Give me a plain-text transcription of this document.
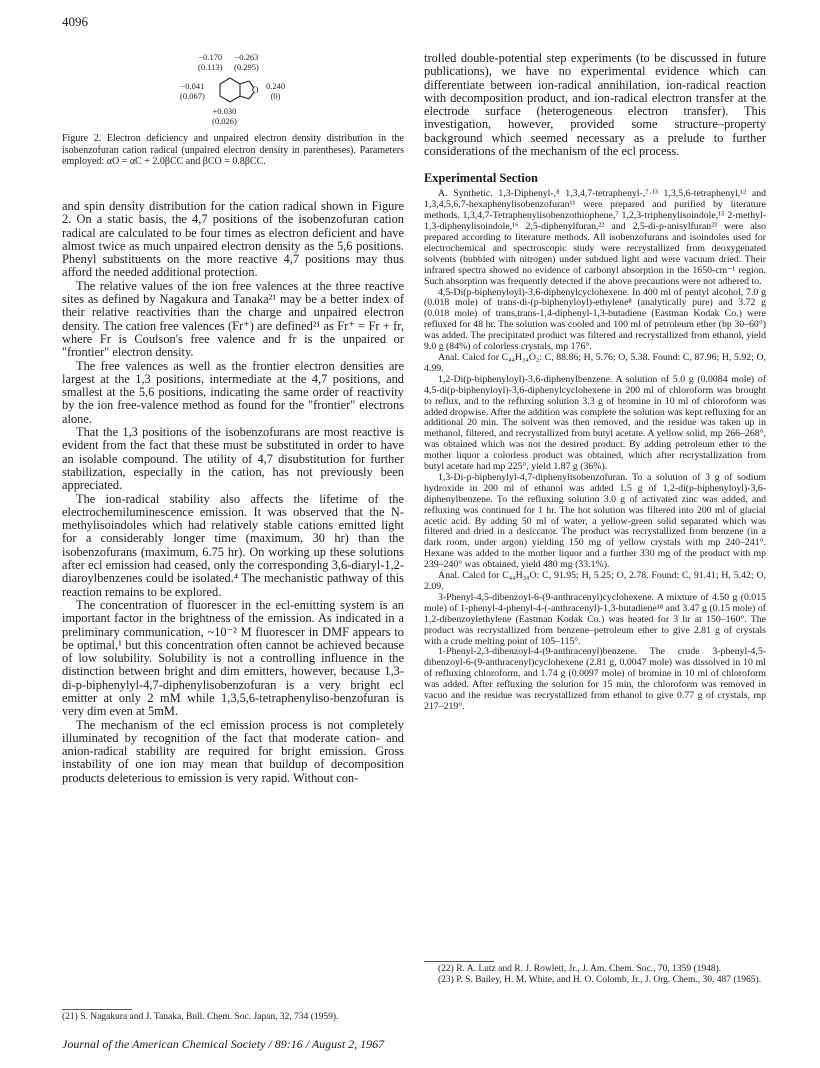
4096
O
−0.170
(0.113)
−0.263
(0.295)
−0.041
(0.067)
0.240
(0)
+0.030
(0.026)
Figure 2. Electron deficiency and unpaired electron density distribution in the isobenzofuran cation radical (unpaired electron density in parentheses). Parameters employed: αO = αC + 2.0βCC and βCO = 0.8βCC.

and spin density distribution for the cation radical shown in Figure 2. On a static basis, the 4,7 positions of the isobenzofuran cation radical are calculated to be four times as electron deficient and have almost twice as much unpaired electron density as the 5,6 positions. Phenyl substituents on the more reactive 4,7 positions may thus afford the needed additional protection.

The relative values of the ion free valences at the three reactive sites as defined by Nagakura and Tanaka²¹ may be a better index of their relative reactivities than the charge and unpaired electron density. The cation free valences (Fr⁺) are defined²¹ as Fr⁺ = Fr + fr, where Fr is Coulson's free valence and fr is the unpaired or "frontier" electron density.

The free valences as well as the frontier electron densities are largest at the 1,3 positions, intermediate at the 4,7 positions, and smallest at the 5,6 positions, indicating the same order of reactivity by the ion free-valence method as found for the "frontier" electrons alone.

That the 1,3 positions of the isobenzofurans are most reactive is evident from the fact that these must be substituted in order to have an isolable compound. The utility of 4,7 disubstitution for further stabilization, especially in the cation, has not previously been appreciated.

The ion-radical stability also affects the lifetime of the electrochemiluminescence emission. It was observed that the N-methylisoindoles which had relatively stable cations emitted light for a considerably longer time (maximum, 30 hr) than the isobenzofurans (maximum, 6.75 hr). On working up these solutions after ecl emission had ceased, only the corresponding 3,6-diaryl-1,2-diaroylbenzenes could be isolated.⁴ The mechanistic pathway of this reaction remains to be explored.

The concentration of fluorescer in the ecl-emitting system is an important factor in the brightness of the emission. As indicated in a preliminary communication, ~10⁻² M fluorescer in DMF appears to be optimal,¹ but this concentration often cannot be achieved because of low solubility. Solubility is not a controlling influence in the distinction between bright and dim emitters, however, because 1,3-di-p-biphenylyl-4,7-diphenylisobenzofuran is a very bright ecl emitter at only 2 mM while 1,3,5,6-tetraphenyliso-benzofuran is very dim even at 5mM.

The mechanism of the ecl emission process is not completely illuminated by recognition of the fact that moderate cation- and anion-radical stability are required for bright emission. Gross instability of one ion may mean that buildup of decomposition products deleterious to emission is very rapid. Without con-

(21) S. Nagakura and J. Tanaka, Bull. Chem. Soc. Japan, 32, 734 (1959).

trolled double-potential step experiments (to be discussed in future publications), we have no experimental evidence which can differentiate between ion-radical annihilation, ion-radical reaction with decomposition product, and ion-radical electron transfer at the electrode surface (heterogeneous electron transfer). This investigation, however, provided some structure–property background which seemed necessary as a prelude to further considerations of the mechanism of the ecl process.

Experimental Section

A. Synthetic. 1,3-Diphenyl-,⁸ 1,3,4,7-tetraphenyl-,⁷·¹³ 1,3,5,6-tetraphenyl,¹² and 1,3,4,5,6,7-hexaphenylisobenzofuran¹¹ were prepared and purified by literature methods. 1,3,4,7-Tetraphenylisobenzothiophene,⁷ 1,2,3-triphenylisoindole,¹⁵ 2-methyl-1,3-diphenylisoindole,¹⁶ 2,5-diphenylfuran,²² and 2,5-di-p-anisylfuran²³ were also prepared according to literature methods. All isobenzofurans and isoindoles used for electrochemical and spectroscopic study were recrystallized from deoxygenated solvents (bubbled with nitrogen) under subdued light and were vacuum dried. Their infrared spectra showed no evidence of carbonyl absorption in the 1650-cm⁻¹ region. Such absorption was frequently detected if the above precautions were not adhered to.

4,5-Di(p-biphenyloyl)-3,6-diphenylcyclohexene. In 400 ml of pentyl alcohol, 7.0 g (0.018 mole) of trans-di-(p-biphenyloyl)-ethylene⁸ (analytically pure) and 3.72 g (0.018 mole) of trans,trans-1,4-diphenyl-1,3-butadiene (Eastman Kodak Co.) were refluxed for 48 hr. The solution was cooled and 100 ml of petroleum ether (bp 30–60°) was added. The precipitated product was filtered and recrystallized from ethanol, yield 9.0 g (84%) of colorless crystals, mp 176°.

Anal. Calcd for C₄₄H₃₄O₂: C, 88.86; H, 5.76; O, 5.38. Found: C, 87.96; H, 5.92; O, 4.99.

1,2-Di(p-biphenyloyl)-3,6-diphenylbenzene. A solution of 5.0 g (0.0084 mole) of 4,5-di(p-biphenyloyl)-3,6-diphenylcyclohexene in 200 ml of chloroform was brought to reflux, and to the refluxing solution 3.3 g of bromine in 10 ml of chloroform was added dropwise. After the addition was complete the solution was kept refluxing for an additional 20 min. The solvent was then removed, and the residue was taken up in methanol, filtered, and recrystallized from butyl acetate. A yellow solid, mp 266–268°, was obtained which was not the desired product. By adding petroleum ether to the mother liquor a colorless product was obtained, which after recrystallization from butyl acetate had mp 225°, yield 1.87 g (36%).

1,3-Di-p-biphenylyl-4,7-diphenylisobenzofuran. To a solution of 3 g of sodium hydroxide in 200 ml of ethanol was added 1.5 g of 1,2-di(p-biphenyloyl)-3,6-diphenylbenzene. To the refluxing solution 3.0 g of activated zinc was added, and refluxing was continued for 1 hr. The hot solution was filtered into 200 ml of glacial acetic acid. By adding 50 ml of water, a yellow-green solid separated which was filtered and dried in a desiccator. The product was recrystallized from benzene (in a dark room, under argon) yielding 150 mg of yellow crystals with mp 240–241°. Hexane was added to the mother liquor and a further 330 mg of the product with mp 239–240° was obtained, yield 480 mg (33.1%).

Anal. Calcd for C₄₄H₃₀O: C, 91.95; H, 5.25; O, 2.78. Found: C, 91.41; H, 5.42; O, 2.09.

3-Phenyl-4,5-dibenzoyl-6-(9-anthracenyl)cyclohexene. A mixture of 4.50 g (0.015 mole) of 1-phenyl-4-phenyl-4-(-anthracenyl)-1,3-butadiene¹⁸ and 3.47 g (0.15 mole) of 1,2-dibenzoylethylene (Eastman Kodak Co.) was heated for 3 hr at 150–160°. The product was recrystallized from benzene–petroleum ether to give 2.81 g of crystals with a crude melting point of 105–115°.

1-Phenyl-2,3-dibenzoyl-4-(9-anthracenyl)benzene. The crude 3-phenyl-4,5-dibenzoyl-6-(9-anthracenyl)cyclohexene (2.81 g, 0.0047 mole) was dissolved in 10 ml of refluxing chloroform, and 1.74 g (0.0097 mole) of bromine in 10 ml of chloroform was added. After refluxing the solution for 15 min, the chloroform was removed in vacuo and the residue was recrystallized from ethanol to give 0.77 g of crystals, mp 217–219°.

(22) R. A. Lutz and R. J. Rowlett, Jr., J. Am. Chem. Soc., 70, 1359 (1948).

(23) P. S. Bailey, H. M. White, and H. O. Colomb, Jr., J. Org. Chem., 30, 487 (1965).

Journal of the American Chemical Society / 89:16 / August 2, 1967
